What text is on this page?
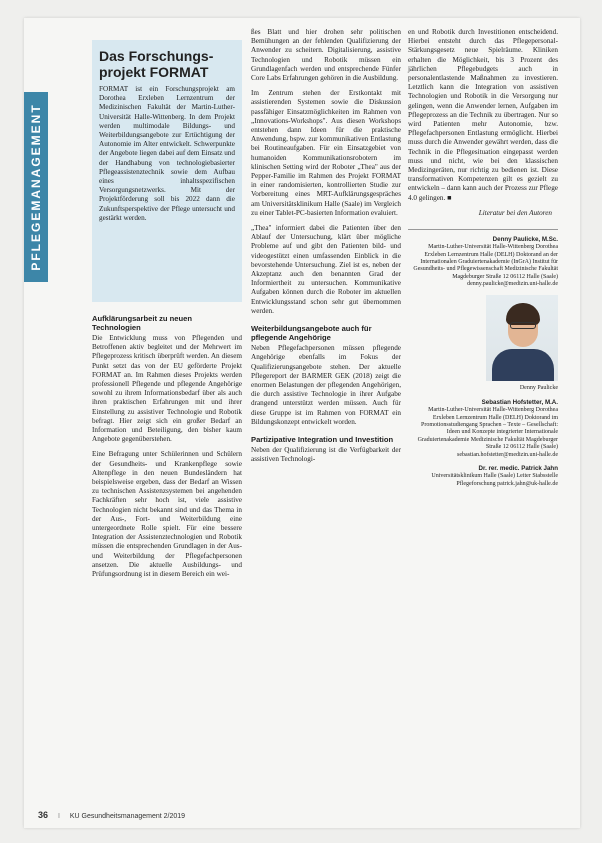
PFLEGEMANAGEMENT
Das Forschungs-projekt FORMAT

FORMAT ist ein Forschungsprojekt am Dorothea Erxleben Lernzentrum der Medizinischen Fakultät der Martin-Luther-Universität Halle-Wittenberg. In dem Projekt werden multimodale Bildungs- und Weiterbildungsangebote zur Ertüchtigung der Autonomie im Alter entwickelt. Schwerpunkte der Angebote liegen dabei auf dem Einsatz und der Handhabung von technologiebasierter Pflegeassistenztechnik sowie dem Aufbau eines inhaltsspezifischen Versorgungsnetzwerks. Mit der Projektförderung soll bis 2022 dann die Zukunftsperspektive der Pflege untersucht und gestärkt werden.

Aufklärungsarbeit zu neuen Technologien

Die Entwicklung muss von Pflegenden und Betroffenen aktiv begleitet und der Mehrwert im Pflegeprozess kritisch überprüft werden. An diesem Punkt setzt das von der EU geförderte Projekt FORMAT an. Im Rahmen dieses Projekts werden professionell Pflegende und pflegende Angehörige sowohl zu ihrem Informationsbedarf über als auch ihren praktischen Erfahrungen mit und ihrer Einstellung zu assistiver Technologie und Robotik befragt. Hier zeigt sich ein großer Bedarf an Information und Beteiligung, den bisher kaum Angebote gegenüberstehen.

Eine Befragung unter Schülerinnen und Schülern der Gesundheits- und Krankenpflege sowie Altenpflege in den neuen Bundesländern hat beispielsweise ergeben, dass der Bedarf an Wissen zu technischen Assistenzsystemen bei angehenden Fachkräften sehr hoch ist, viele assistive Technologien nicht bekannt sind und das Thema in der Aus-, Fort- und Weiterbildung eine untergeordnete Rolle spielt. Für eine bessere Integration der Assistenztechnologien und Robotik müssen die entsprechenden Grundlagen in der Aus- und Weiterbildung der Pflegefachpersonen ansetzen. Die aktuelle Ausbildungs- und Prüfungsordnung ist in diesem Bereich ein wei-

ßes Blatt und hier drohen sehr politischen Bemühungen an der fehlenden Qualifizierung der Anwender zu scheitern. Digitalisierung, assistive Technologien und Robotik müssen ein Grundlagenfach werden und entsprechende Fünfer Core Labs Erfahrungen gehören in die Ausbildung.

Im Zentrum stehen der Erstkontakt mit assistierenden Systemen sowie die Diskussion passfähiger Einsatzmöglichkeiten im Rahmen von „Innovations-Workshops". Aus diesen Workshops entstehen dann Ideen für die praktische Anwendung, bspw. zur kommunikativen Entlastung bei Routineaufgaben. Für ein Einsatzgebiet von humanoiden Kommunikationsrobotern im klinischen Setting wird der Roboter „Thea" aus der Pepper-Familie im Rahmen des Projekt FORMAT in einer randomisierten, kontrollierten Studie zur Vorbereitung eines MRT-Aufklärungsgespräches am Universitätsklinikum Halle (Saale) im Vergleich zu einer Tablet-PC-basierten Information evaluiert.

„Thea" informiert dabei die Patienten über den Ablauf der Untersuchung, klärt über mögliche Probleme auf und gibt den Patienten bild- und videogestützt einen umfassenden Einblick in die bevorstehende Untersuchung. Ziel ist es, neben der Akzeptanz auch den benannten Grad der Informiertheit zu untersuchen. Kommunikative Aufgaben können durch die Roboter im aktuellen Entwicklungsstand schon sehr gut übernommen werden.

Weiterbildungsangebote auch für pflegende Angehörige

Neben Pflegefachpersonen müssen pflegende Angehörige ebenfalls im Fokus der Qualifizierungsangebote stehen. Der aktuelle Pflegereport der BARMER GEK (2018) zeigt die enormen Belastungen der pflegenden Angehörigen, die durch assistive Technologie in ihrer Aufgabe drangend unterstützt werden müssen. Auch für diese Gruppe ist im Rahmen von FORMAT ein Bildungskonzept entwickelt worden.

Partizipative Integration und Investition

Neben der Qualifizierung ist die Verfügbarkeit der assistiven Technologi-

en und Robotik durch Investitionen entscheidend. Hierbei entsteht durch das Pflegepersonal-Stärkungsgesetz neue Spielräume. Kliniken erhalten die Möglichkeit, bis 3 Prozent des jährlichen Pflegebudgets auch in personalentlastende Maßnahmen zu investieren. Letztlich kann die Integration von assistiven Technologien und Robotik in die Versorgung nur gelingen, wenn die Anwender lernen, Aufgaben im Pflegeprozess an die Technik zu übertragen. Nur so wird Patienten mehr Autonomie, bzw. Pflegefachpersonen Entlastung ermöglicht. Hierbei muss durch die Anwender gewährt werden, dass die Technik in die Pflegesituation eingepasst werden muss und nicht, wie bei den klassischen Medizingeräten, nur richtig zu bedienen ist. Diese transformativen Kompetenzen gilt es gezielt zu entwickeln – dann kann auch der Prozess zur Pflege 4.0 gelingen. ■

Literatur bei den Autoren
Denny Paulicke, M.Sc.
Martin-Luther-Universität Halle-Wittenberg Dorothea Erxleben Lernzentrum Halle (DELH) Doktorand an der Internationalen Graduiertenakademie (InGrA) Institut für Gesundheits- und Pflegewissenschaft Medizinische Fakultät Magdeburger Straße 12 06112 Halle (Saale) denny.paulicke@medizin.uni-halle.de
Denny Paulicke
Sebastian Hofstetter, M.A.
Martin-Luther-Universität Halle-Wittenberg Dorothea Erxleben Lernzentrum Halle (DELH) Doktorand im Promotionsstudiengang Sprachen – Texte – Gesellschaft: Ideen und Konzepte integrierter Internationale Graduiertenakademie Medizinische Fakultät Magdeburger Straße 12 06112 Halle (Saale) sebastian.hofstetter@medizin.uni-halle.de
Dr. rer. medic. Patrick Jahn
Universitätsklinikum Halle (Saale) Leiter Stabsstelle Pflegeforschung patrick.jahn@uk-halle.de
36 I KU Gesundheitsmanagement 2/2019
